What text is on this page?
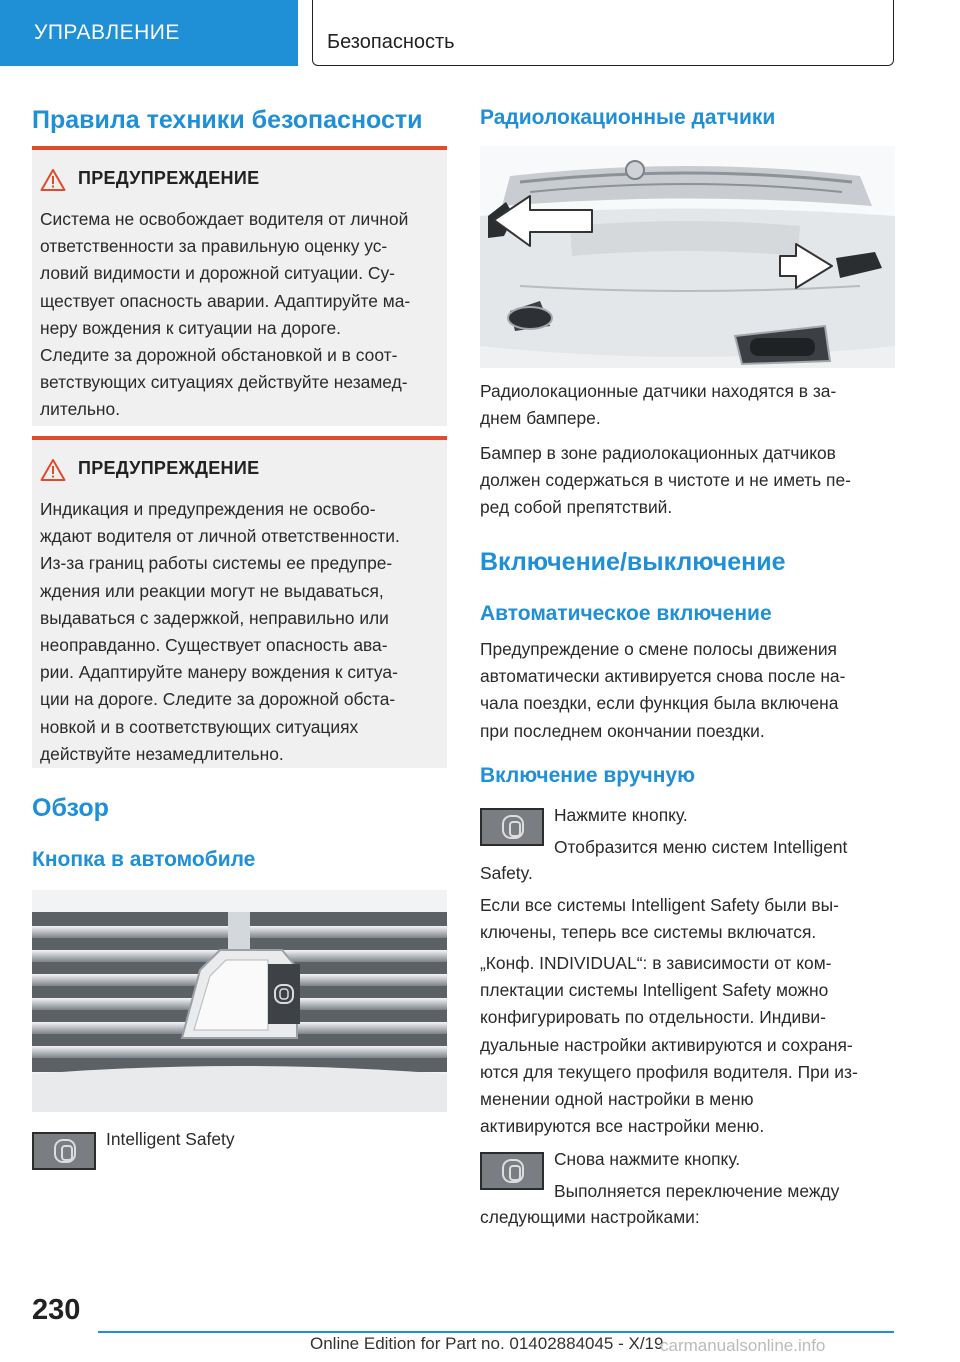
УПРАВЛЕНИЕ	Безопасность
Правила техники безопасности
ПРЕДУПРЕЖДЕНИЕ
Система не освобождает водителя от личной
ответственности за правильную оценку ус-
ловий видимости и дорожной ситуации. Су-
ществует опасность аварии. Адаптируйте ма-
неру вождения к ситуации на дороге.
Следите за дорожной обстановкой и в соот-
ветствующих ситуациях действуйте незамед-
лительно.
ПРЕДУПРЕЖДЕНИЕ
Индикация и предупреждения не освобо-
ждают водителя от личной ответственности.
Из-за границ работы системы ее предупре-
ждения или реакции могут не выдаваться,
выдаваться с задержкой, неправильно или
неоправданно. Существует опасность ава-
рии. Адаптируйте манеру вождения к ситуа-
ции на дороге. Следите за дорожной обста-
новкой и в соответствующих ситуациях
действуйте незамедлительно.
Обзор
Кнопка в автомобиле
Intelligent Safety
Радиолокационные датчики
Радиолокационные датчики находятся в за-
днем бампере.
Бампер в зоне радиолокационных датчиков
должен содержаться в чистоте и не иметь пе-
ред собой препятствий.
Включение/выключение
Автоматическое включение
Предупреждение о смене полосы движения
автоматически активируется снова после на-
чала поездки, если функция была включена
при последнем окончании поездки.
Включение вручную
Нажмите кнопку.
Отобразится меню систем Intelligent
Safety.
Если все системы Intelligent Safety были вы-
ключены, теперь все системы включатся.
„Конф. INDIVIDUAL“: в зависимости от ком-
плектации системы Intelligent Safety можно
конфигурировать по отдельности. Индиви-
дуальные настройки активируются и сохраня-
ются для текущего профиля водителя. При из-
менении одной настройки в меню
активируются все настройки меню.
Снова нажмите кнопку.
Выполняется переключение между
следующими настройками:
230
Online Edition for Part no. 01402884045 - X/19
carmanualsonline.info
